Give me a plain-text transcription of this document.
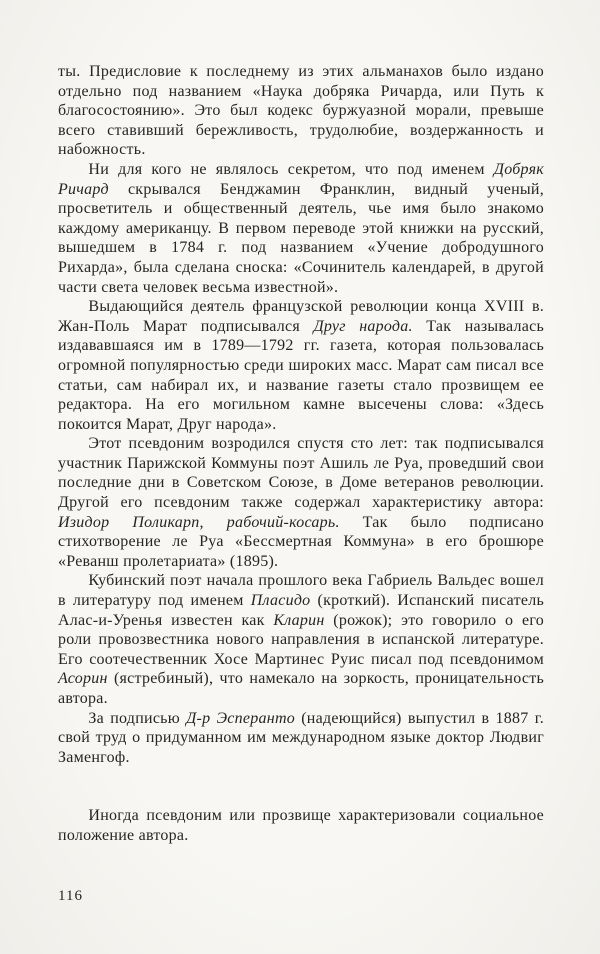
ты. Предисловие к последнему из этих альманахов было издано отдельно под названием «Наука добряка Ричарда, или Путь к благосостоянию». Это был кодекс буржуазной морали, превыше всего ставивший бережливость, трудолюбие, воздержанность и набожность.

Ни для кого не являлось секретом, что под именем Добряк Ричард скрывался Бенджамин Франклин, видный ученый, просветитель и общественный деятель, чье имя было знакомо каждому американцу. В первом переводе этой книжки на русский, вышедшем в 1784 г. под названием «Учение добродушного Рихарда», была сделана сноска: «Сочинитель календарей, в другой части света человек весьма известной».

Выдающийся деятель французской революции конца XVIII в. Жан-Поль Марат подписывался Друг народа. Так называлась издававшаяся им в 1789—1792 гг. газета, которая пользовалась огромной популярностью среди широких масс. Марат сам писал все статьи, сам набирал их, и название газеты стало прозвищем ее редактора. На его могильном камне высечены слова: «Здесь покоится Марат, Друг народа».

Этот псевдоним возродился спустя сто лет: так подписывался участник Парижской Коммуны поэт Ашиль ле Руа, проведший свои последние дни в Советском Союзе, в Доме ветеранов революции. Другой его псевдоним также содержал характеристику автора: Изидор Поликарп, рабочий-косарь. Так было подписано стихотворение ле Руа «Бессмертная Коммуна» в его брошюре «Реванш пролетариата» (1895).

Кубинский поэт начала прошлого века Габриель Вальдес вошел в литературу под именем Пласидо (кроткий). Испанский писатель Алас-и-Уренья известен как Кларин (рожок); это говорило о его роли провозвестника нового направления в испанской литературе. Его соотечественник Хосе Мартинес Руис писал под псевдонимом Асорин (ястребиный), что намекало на зоркость, проницательность автора.

За подписью Д-р Эсперанто (надеющийся) выпустил в 1887 г. свой труд о придуманном им международном языке доктор Людвиг Заменгоф.

Иногда псевдоним или прозвище характеризовали социальное положение автора.

116
